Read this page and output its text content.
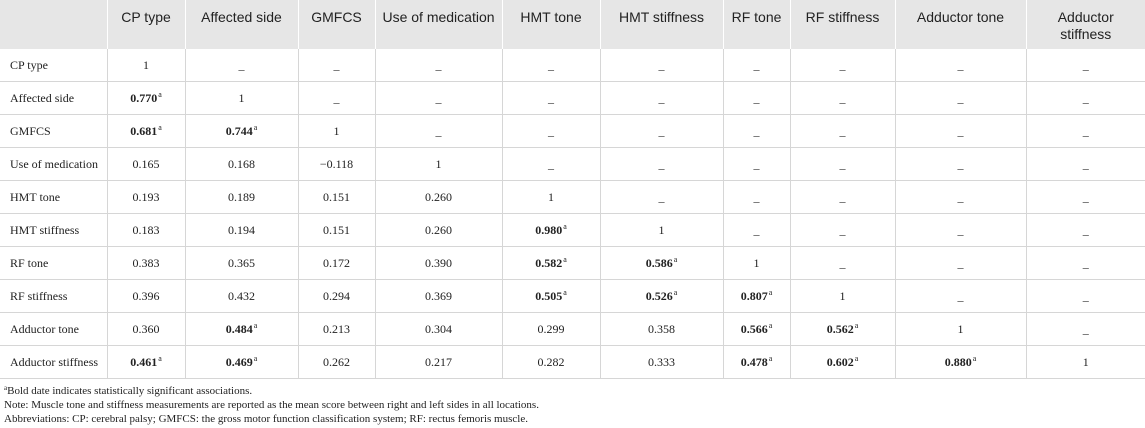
	CP type	Affected side	GMFCS	Use of medication	HMT tone	HMT stiffness	RF tone	RF stiffness	Adductor tone	Adductor stiffness

CP type	1	_	_	_	_	_	_	_	_	_
Affected side	0.770$^a$	1	_	_	_	_	_	_	_	_
GMFCS	0.681$^a$	0.744$^a$	1	_	_	_	_	_	_	_
Use of medication	0.165	0.168	−0.118	1	_	_	_	_	_	_
HMT tone	0.193	0.189	0.151	0.260	1	_	_	_	_	_
HMT stiffness	0.183	0.194	0.151	0.260	0.980$^a$	1	_	_	_	_
RF tone	0.383	0.365	0.172	0.390	0.582$^a$	0.586$^a$	1	_	_	_
RF stiffness	0.396	0.432	0.294	0.369	0.505$^a$	0.526$^a$	0.807$^a$	1	_	_
Adductor tone	0.360	0.484$^a$	0.213	0.304	0.299	0.358	0.566$^a$	0.562$^a$	1	_
Adductor stiffness	0.461$^a$	0.469$^a$	0.262	0.217	0.282	0.333	0.478$^a$	0.602$^a$	0.880$^a$	1
$^a$Bold date indicates statistically significant associations.
Note: Muscle tone and stiffness measurements are reported as the mean score between right and left sides in all locations.
Abbreviations: CP: cerebral palsy; GMFCS: the gross motor function classification system; RF: rectus femoris muscle.
